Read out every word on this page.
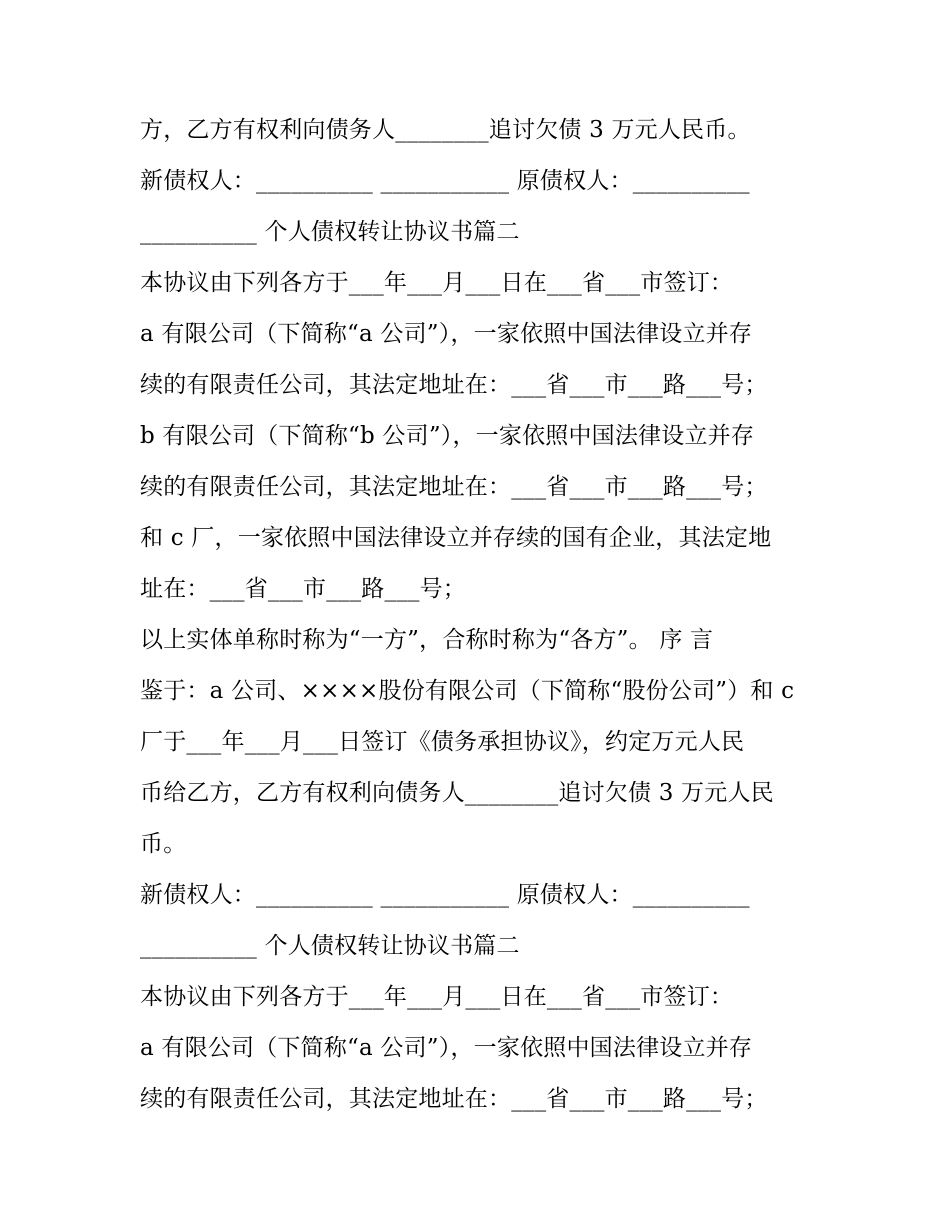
方，乙方有权利向债务人________追讨欠债 3 万元人民币。
新债权人：__________ ___________ 原债权人：__________
__________ 个人债权转让协议书篇二
本协议由下列各方于___年___月___日在___省___市签订：
a 有限公司（下简称“a 公司”），一家依照中国法律设立并存
续的有限责任公司，其法定地址在：___省___市___路___号；
b 有限公司（下简称“b 公司”），一家依照中国法律设立并存
续的有限责任公司，其法定地址在：___省___市___路___号；
和 c 厂，一家依照中国法律设立并存续的国有企业，其法定地
址在：___省___市___路___号；
以上实体单称时称为“一方”，合称时称为“各方”。 序 言
鉴于：a 公司、××××股份有限公司（下简称“股份公司”）和 c
厂于___年___月___日签订《债务承担协议》，约定万元人民
币给乙方，乙方有权利向债务人________追讨欠债 3 万元人民
币。
新债权人：__________ ___________ 原债权人：__________
__________ 个人债权转让协议书篇二
本协议由下列各方于___年___月___日在___省___市签订：
a 有限公司（下简称“a 公司”），一家依照中国法律设立并存
续的有限责任公司，其法定地址在：___省___市___路___号；
